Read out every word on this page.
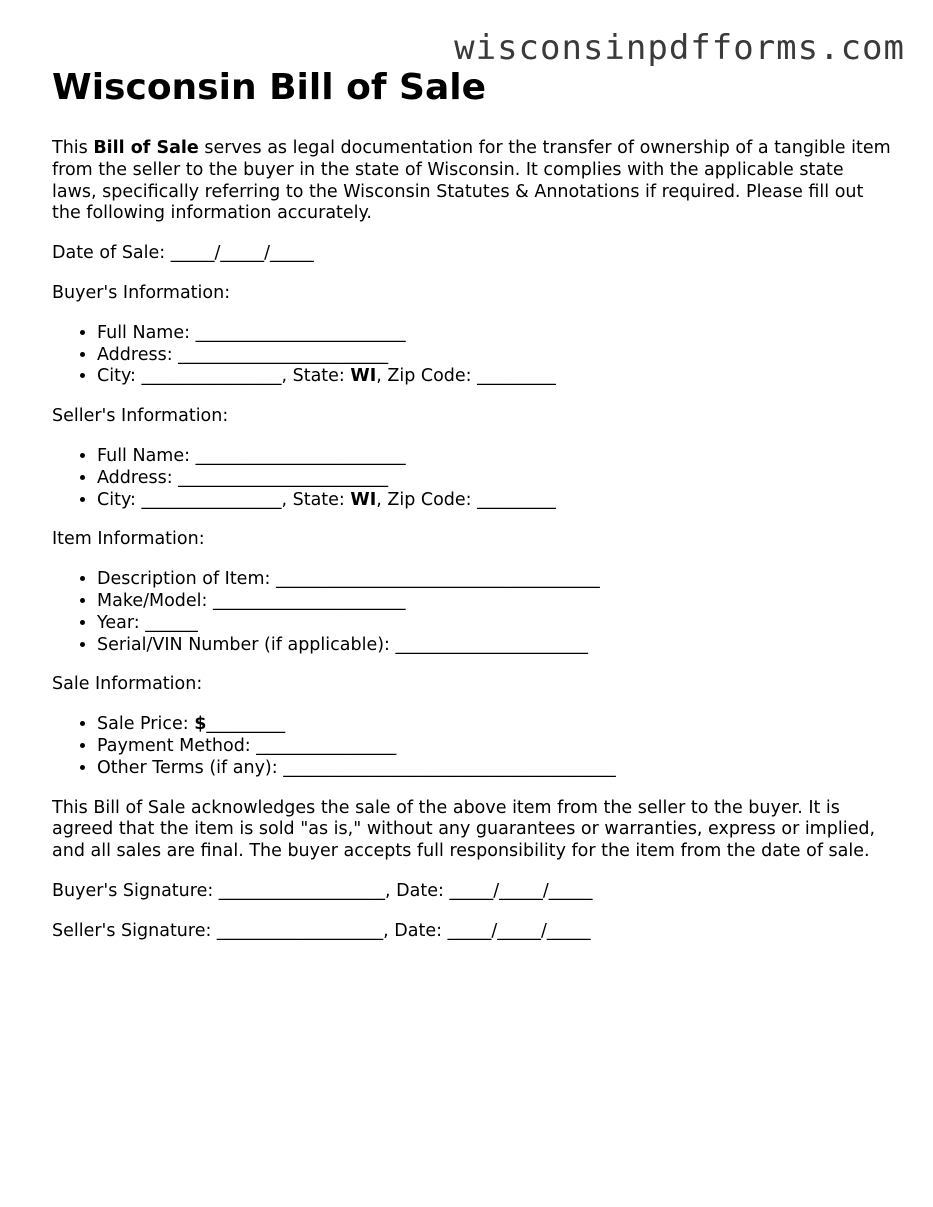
wisconsinpdfforms.com
Wisconsin Bill of Sale

This Bill of Sale serves as legal documentation for the transfer of ownership of a tangible item from the seller to the buyer in the state of Wisconsin. It complies with the applicable state laws, specifically referring to the Wisconsin Statutes & Annotations if required. Please fill out the following information accurately.

Date of Sale: _____/_____/_____

Buyer's Information:

• Full Name: ________________________
• Address: ________________________
• City: ________________, State: WI, Zip Code: _________

Seller's Information:

• Full Name: ________________________
• Address: ________________________
• City: ________________, State: WI, Zip Code: _________

Item Information:

• Description of Item: _____________________________________
• Make/Model: ______________________
• Year: ______
• Serial/VIN Number (if applicable): ______________________

Sale Information:

• Sale Price: $_________
• Payment Method: ________________
• Other Terms (if any): ______________________________________

This Bill of Sale acknowledges the sale of the above item from the seller to the buyer. It is agreed that the item is sold "as is," without any guarantees or warranties, express or implied, and all sales are final. The buyer accepts full responsibility for the item from the date of sale.

Buyer's Signature: ___________________, Date: _____/_____/_____

Seller's Signature: ___________________, Date: _____/_____/_____
